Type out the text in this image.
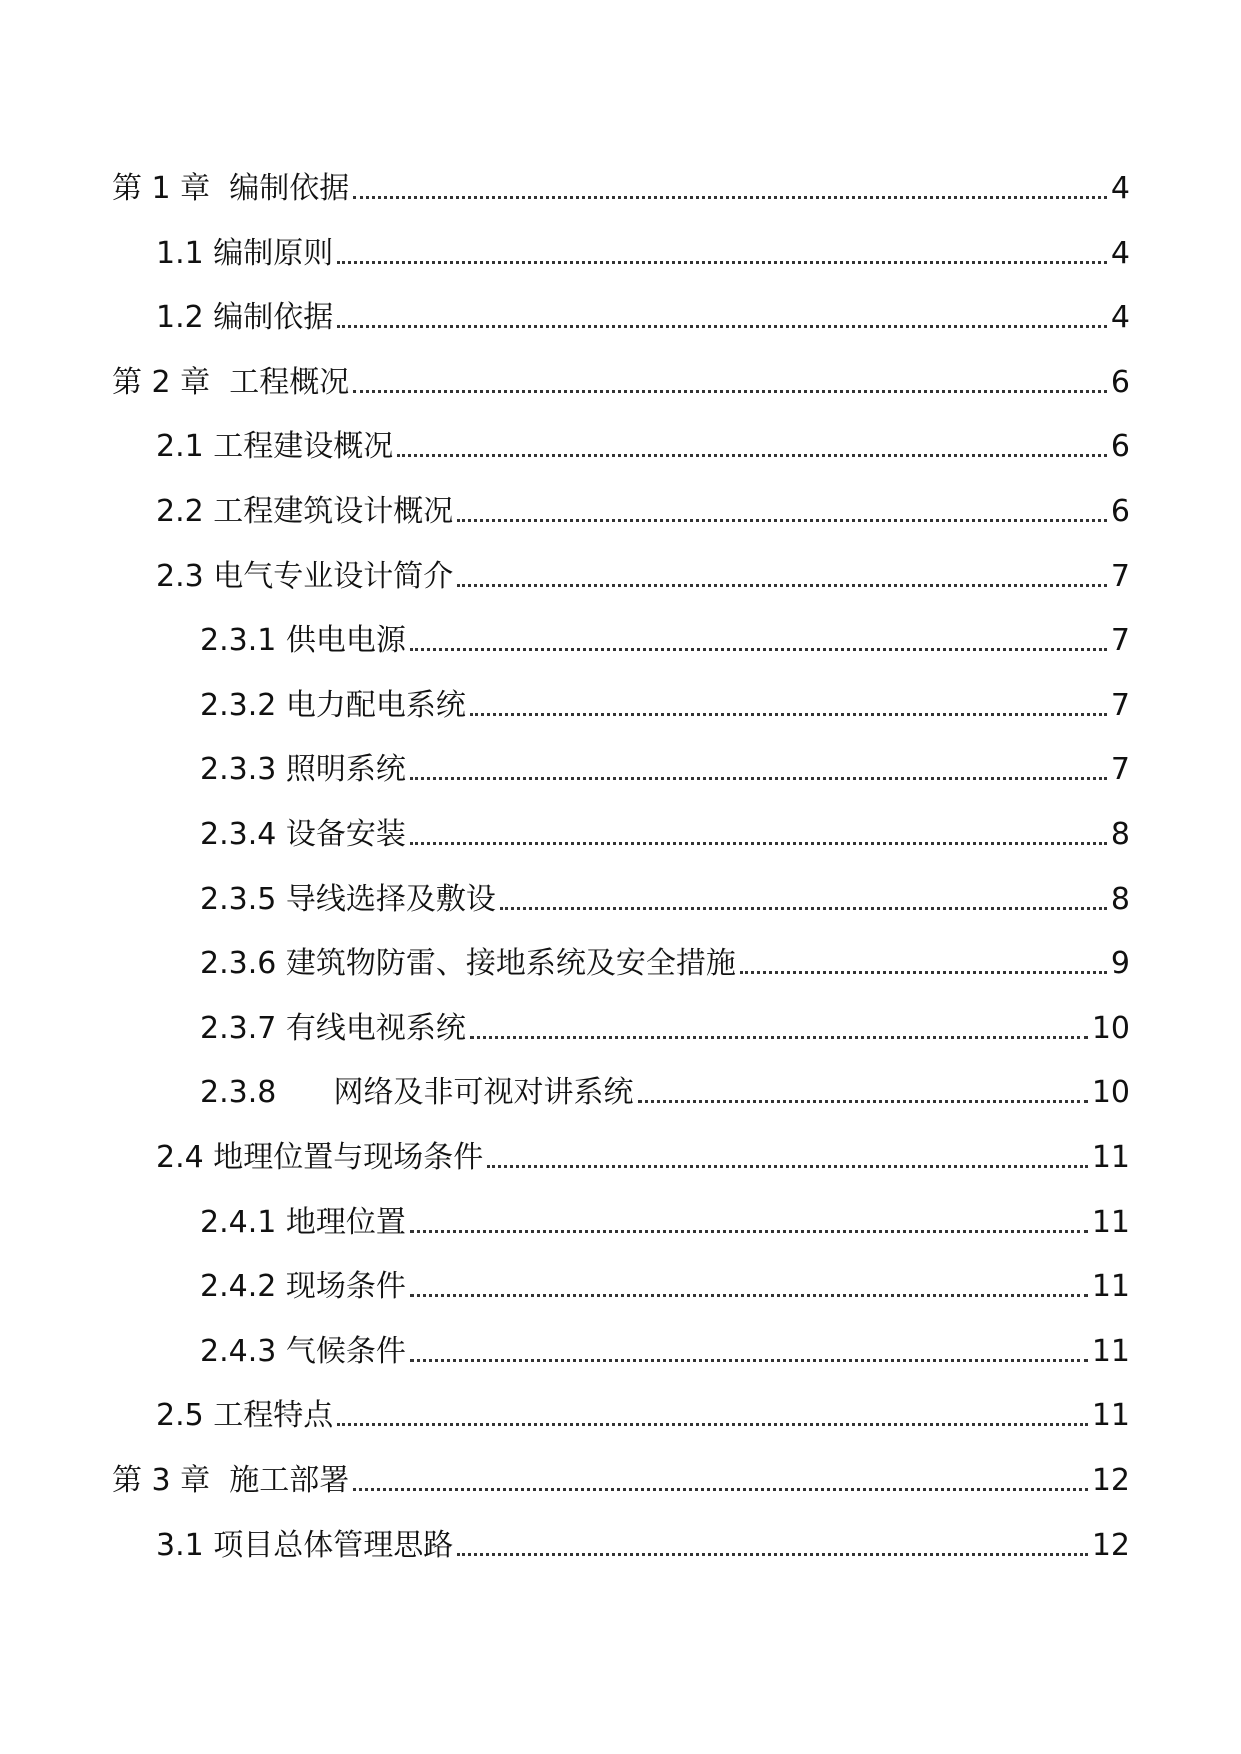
第 1 章  编制依据	4
1.1 编制原则	4
1.2 编制依据	4
第 2 章  工程概况	6
2.1 工程建设概况	6
2.2 工程建筑设计概况	6
2.3 电气专业设计简介	7
2.3.1 供电电源	7
2.3.2 电力配电系统	7
2.3.3 照明系统	7
2.3.4 设备安装	8
2.3.5 导线选择及敷设	8
2.3.6 建筑物防雷、接地系统及安全措施	9
2.3.7 有线电视系统	10
2.3.8      网络及非可视对讲系统	10
2.4 地理位置与现场条件	11
2.4.1 地理位置	11
2.4.2 现场条件	11
2.4.3 气候条件	11
2.5 工程特点	11
第 3 章  施工部署	12
3.1 项目总体管理思路	12
